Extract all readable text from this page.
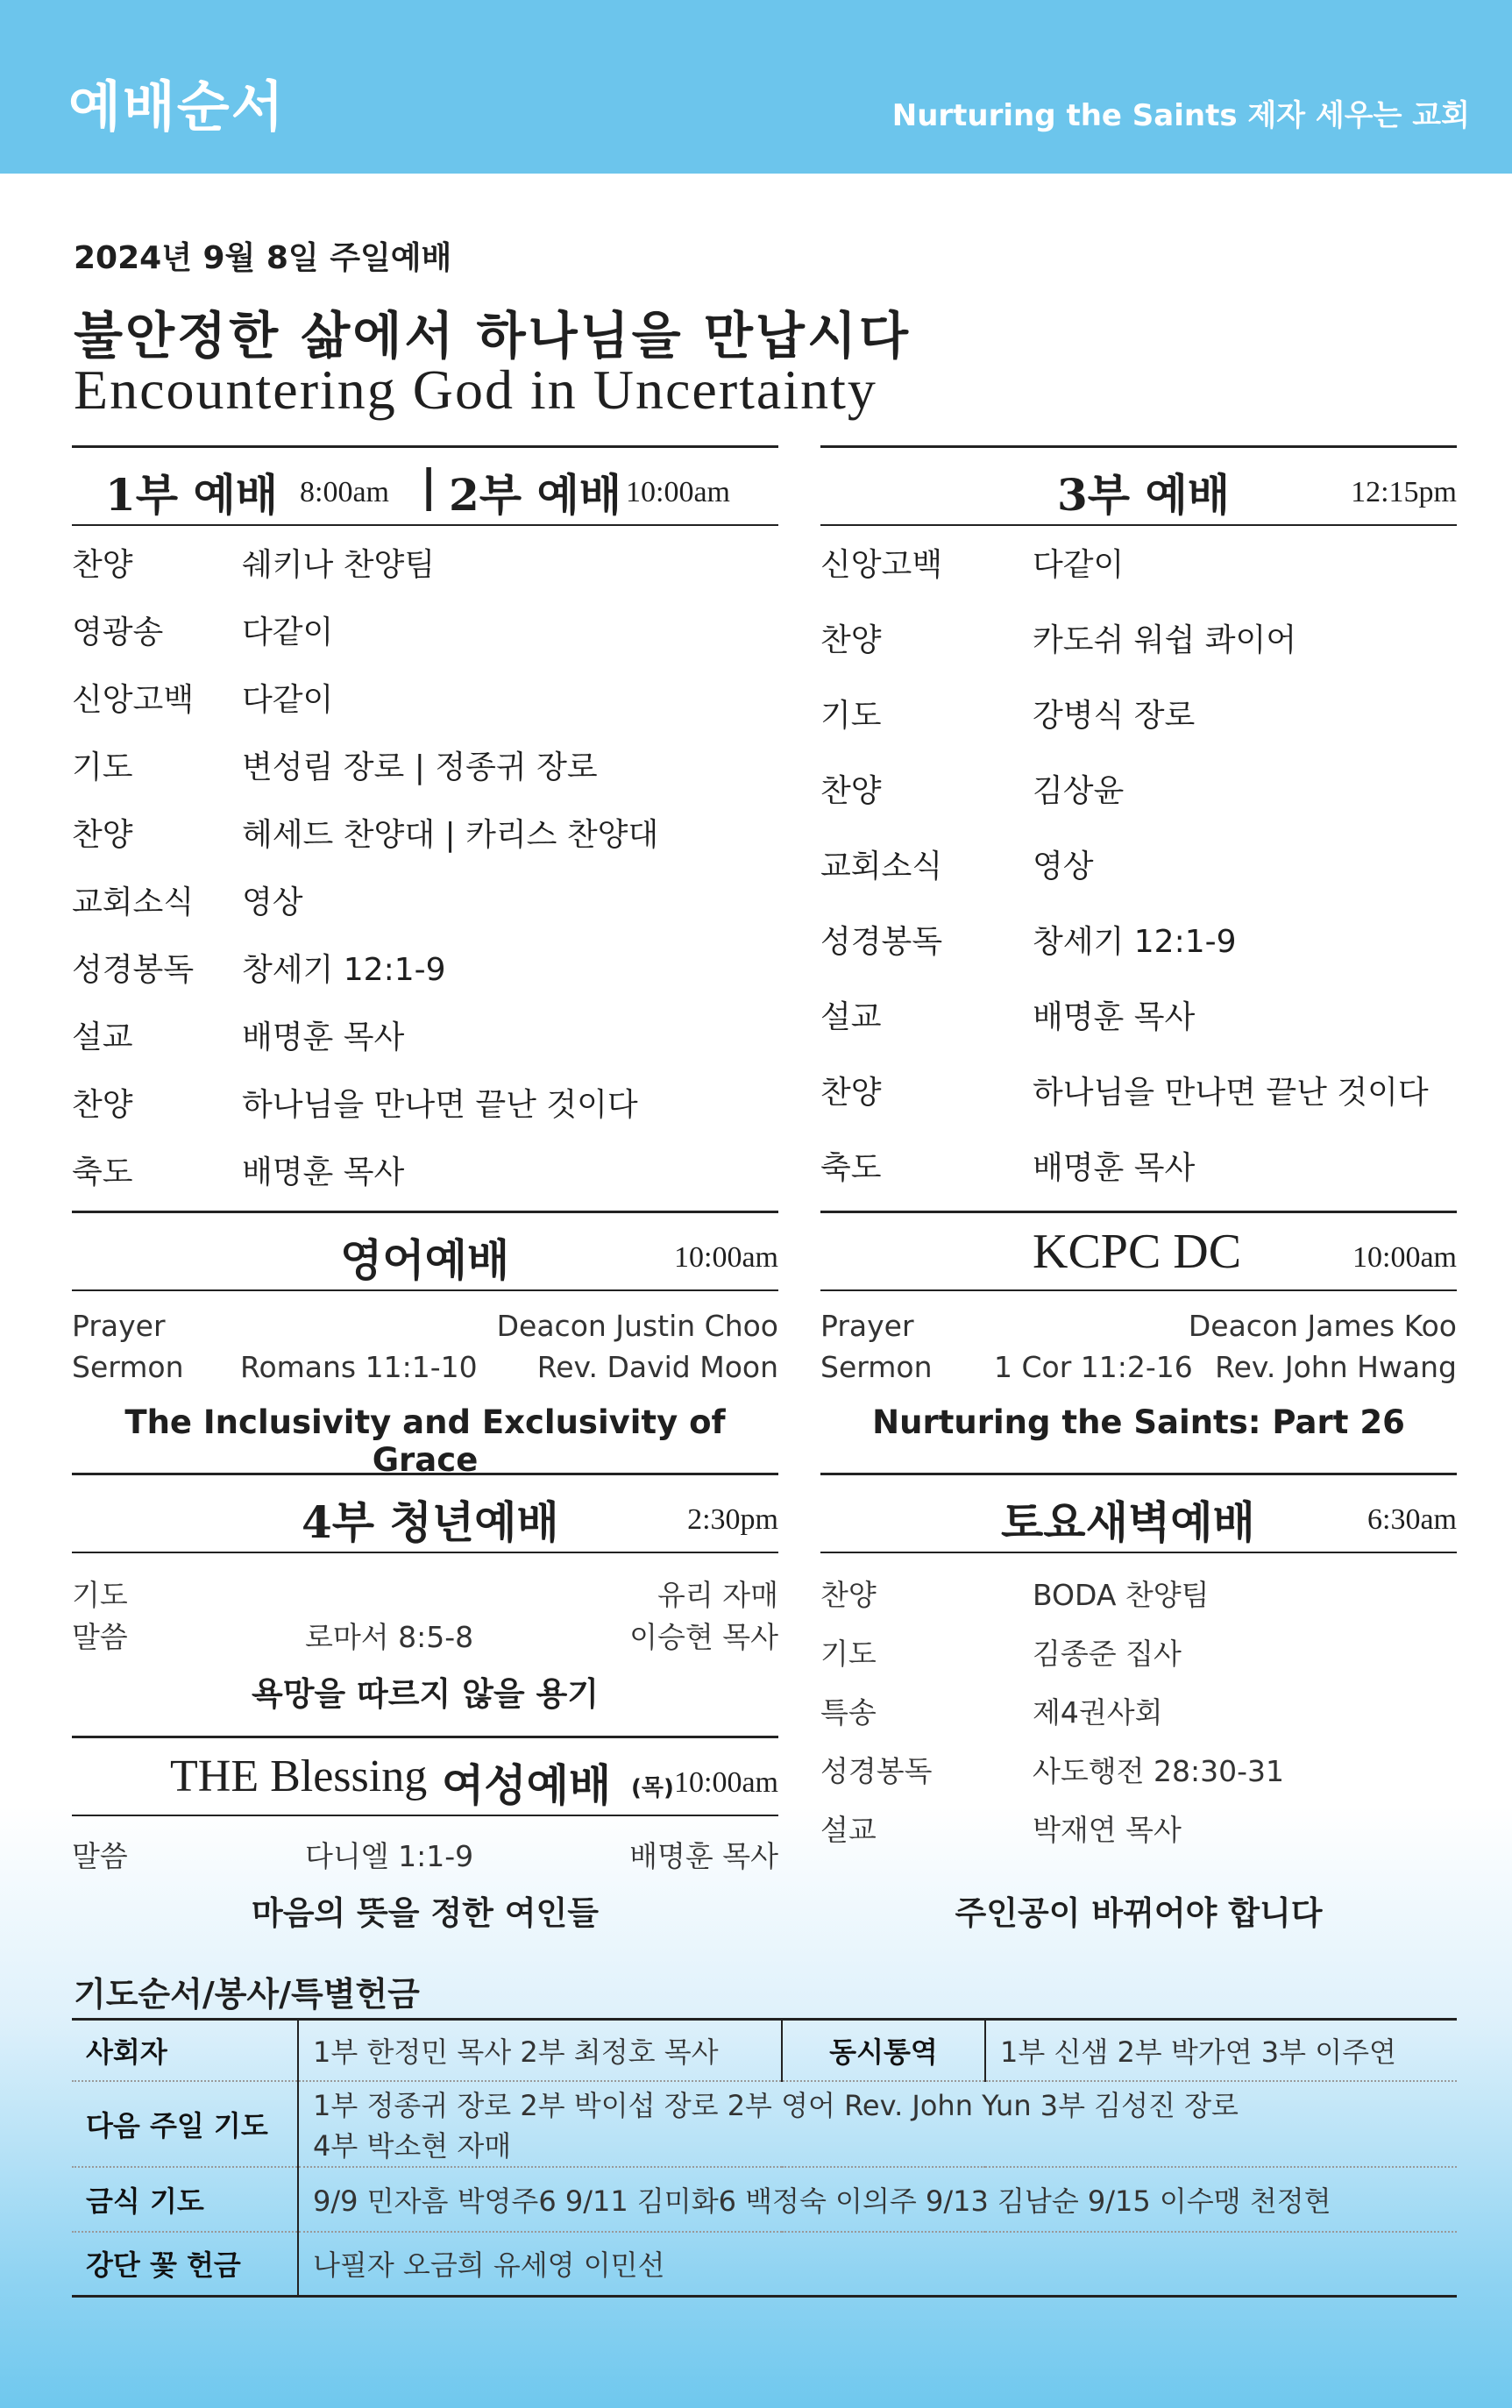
예배순서	Nurturing the Saints 제자 세우는 교회
2024년 9월 8일 주일예배
불안정한 삶에서 하나님을 만납시다
Encountering God in Uncertainty
1부 예배 8:00am | 2부 예배 10:00am
찬양	쉐키나 찬양팀
영광송 다같이
신앙고백 다같이
기도	변성림 장로 | 정종귀 장로
찬양	헤세드 찬양대 | 카리스 찬양대
교회소식 영상
성경봉독 창세기 12:1-9
설교	배명훈 목사
찬양	하나님을 만나면 끝난 것이다
축도	배명훈 목사
3부 예배	12:15pm
신앙고백	다같이
찬양	카도쉬 워쉽 콰이어
기도	강병식 장로
찬양	김상윤
교회소식	영상
성경봉독	창세기 12:1-9
설교	배명훈 목사
찬양	하나님을 만나면 끝난 것이다
축도	배명훈 목사
영어예배	10:00am
Prayer	Deacon Justin Choo
Sermon Romans 11:1-10 Rev. David Moon
The Inclusivity and Exclusivity of Grace
KCPC DC	10:00am
Prayer	Deacon James Koo
Sermon 1 Cor 11:2-16 Rev. John Hwang
Nurturing the Saints: Part 26
4부 청년예배	2:30pm
기도	유리 자매
말씀	로마서 8:5-8	이승현 목사
욕망을 따르지 않을 용기
THE Blessing 여성예배 (목) 10:00am
말씀	다니엘 1:1-9	배명훈 목사
마음의 뜻을 정한 여인들
토요새벽예배	6:30am
찬양	BODA 찬양팀
기도	김종준 집사
특송	제4권사회
성경봉독	사도행전 28:30-31
설교	박재연 목사
주인공이 바뀌어야 합니다
기도순서/봉사/특별헌금
사회자	1부 한정민 목사 2부 최정호 목사	동시통역	1부 신샘 2부 박가연 3부 이주연
다음 주일 기도	1부 정종귀 장로 2부 박이섭 장로 2부 영어 Rev. John Yun 3부 김성진 장로
4부 박소현 자매		

금식 기도	9/9 민자흠 박영주6 9/11 김미화6 백정숙 이의주 9/13 김남순 9/15 이수맹 천정현		
강단 꽃 헌금	나필자 오금희 유세영 이민선		
